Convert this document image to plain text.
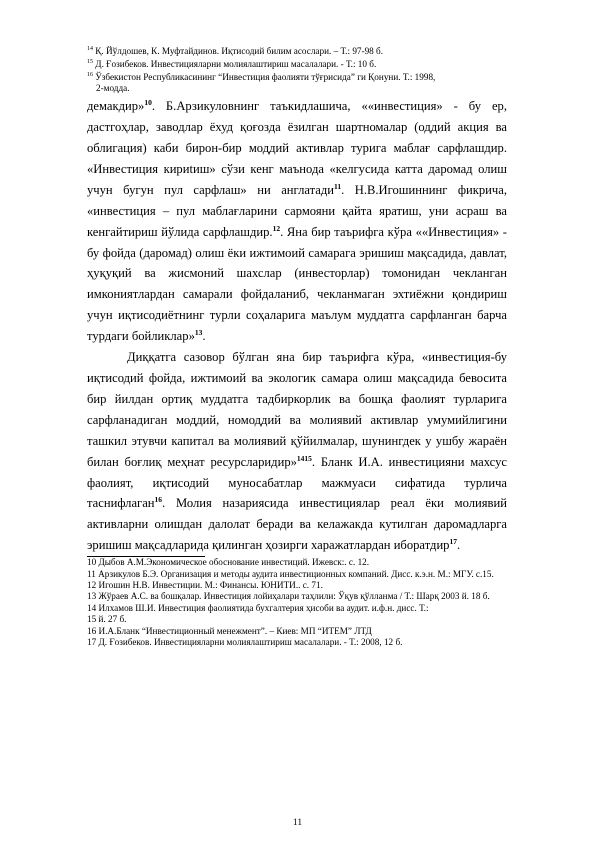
$^{14}$ Қ. Йўлдошев, К. Муфтайдинов. Иқтисодий билим асослари. – Т.: 97-98 б.
$^{15}$ Д. Ғозибеков. Инвестицияларни молиялаштириш масалалари. - Т.: 10 б.
$^{16}$ Ўзбекистон Республикасининг “Инвестиция фаолияти тўғрисида” ги Қонуни. Т.: 1998,
2-модда.

демакдир»$^{10}$. Б.Арзикуловнинг таъкидлашича, ««инвестиция» - бу ер, дастгоҳлар, заводлар ёхуд қоғозда ёзилган шартномалар (оддий акция ва облигация) каби бирон-бир моддий активлар турига маблағ сарфлашдир. «Инвестиция кириtиш» сўзи кенг маънода «келгусида катта даромад олиш учун бугун пул сарфлаш» ни англатади$^{11}$. Н.В.Игошиннинг фикрича, «инвестиция – пул маблағларини сармояни қайта яратиш, уни асраш ва кенгайтириш йўлида сарфлашдир.$^{12}$. Яна бир таърифга кўра ««Инвестиция» - бу фойда (даромад) олиш ёки ижтимоий самарага эришиш мақсадида, давлат, ҳуқуқий ва жисмоний шахслар (инвесторлар) томонидан чекланган имкониятлардан самарали фойдаланиб, чекланмаган эхтиёжни қондириш учун иқтисодиётнинг турли соҳаларига маълум муддатга сарфланган барча турдаги бойликлар»$^{13}$.

Диққатга сазовор бўлган яна бир таърифга кўра, «инвестиция-бу иқтисодий фойда, ижтимоий ва экологик самара олиш мақсадида бевосита бир йилдан ортиқ муддатга тадбиркорлик ва бошқа фаолият турларига сарфланадиган моддий, номоддий ва молиявий активлар умумийлигини ташкил этувчи капитал ва молиявий қўйилмалар, шунингдек у ушбу жараён билан боғлиқ меҳнат ресурсларидир»$^{1415}$. Бланк И.А. инвестицияни махсус фаолият, иқтисодий муносабатлар мажмуаси сифатида турлича таснифлаган$^{16}$. Молия назариясида инвестициялар реал ёки молиявий активларни олишдан далолат беради ва келажакда кутилган даромадларга эришиш мақсадларида қилинган ҳозирги харажатлардан иборатдир$^{17}$.

10 Дыбов А.М.Экономическое обоснование инвестиций. Ижевск:. с. 12.
11 Арзикулов Б.Э. Организация и методы аудита инвестиционных компаний. Дисс. к.э.н. М.: МГУ. с.15.
12 Игошин Н.В. Инвестиции. М.: Финансы. ЮНИТИ.. с. 71.
13 Жўраев А.С. ва бошқалар. Инвестиция лойиҳалари таҳлили: Ўқув қўлланма / Т.: Шарқ 2003 й. 18 б.
14 Илхамов Ш.И. Инвестиция фаолиятида бухгалтерия ҳисоби ва аудит. и.ф.н. дисс. Т.:
15 й. 27 б.
16 И.А.Бланк “Инвестиционный менежмент”. – Киев: МП “ИТЕМ” ЛТД
17 Д. Ғозибеков. Инвестицияларни молиялаштириш масалалари. - Т.: 2008, 12 б.
11
